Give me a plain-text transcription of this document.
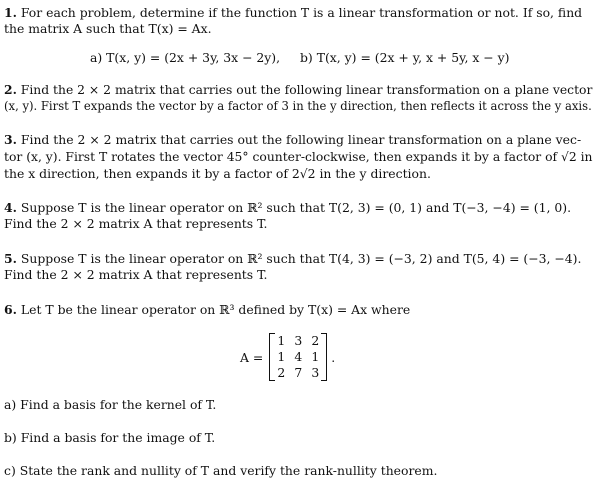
1. For each problem, determine if the function T is a linear transformation or not. If so, find
the matrix A such that T(x) = Ax.
a) T(x, y) = (2x + 3y, 3x − 2y), b) T(x, y) = (2x + y, x + 5y, x − y)
2. Find the 2 × 2 matrix that carries out the following linear transformation on a plane vector
(x, y). First T expands the vector by a factor of 3 in the y direction, then reflects it across the y axis.
3. Find the 2 × 2 matrix that carries out the following linear transformation on a plane vec-
tor (x, y). First T rotates the vector 45° counter-clockwise, then expands it by a factor of √2 in
the x direction, then expands it by a factor of 2√2 in the y direction.
4. Suppose T is the linear operator on ℝ² such that T(2, 3) = (0, 1) and T(−3, −4) = (1, 0).
Find the 2 × 2 matrix A that represents T.
5. Suppose T is the linear operator on ℝ² such that T(4, 3) = (−3, 2) and T(5, 4) = (−3, −4).
Find the 2 × 2 matrix A that represents T.
6. Let T be the linear operator on ℝ³ defined by T(x) = Ax where
A =
1 3 2
1 4 1
2 7 3
.
a) Find a basis for the kernel of T.
b) Find a basis for the image of T.
c) State the rank and nullity of T and verify the rank-nullity theorem.
